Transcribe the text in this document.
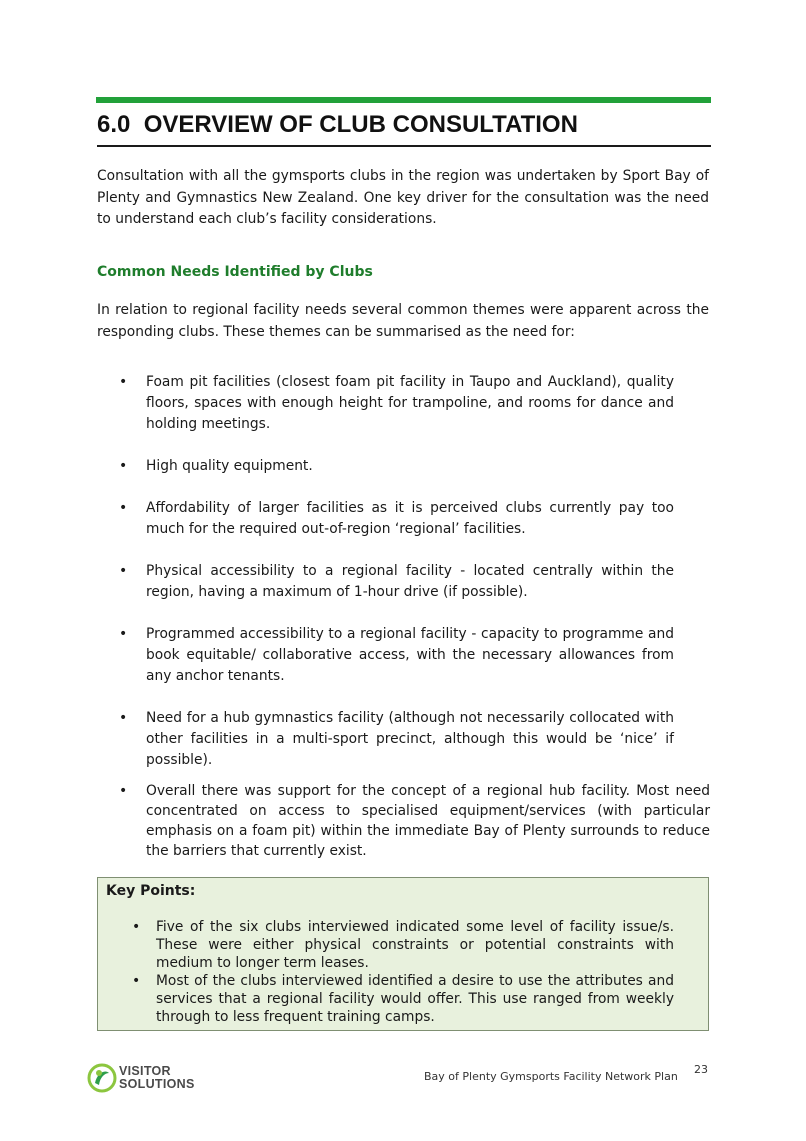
6.0 OVERVIEW OF CLUB CONSULTATION

Consultation with all the gymsports clubs in the region was undertaken by Sport Bay of Plenty and Gymnastics New Zealand. One key driver for the consultation was the need to understand each club’s facility considerations.

Common Needs Identified by Clubs

In relation to regional facility needs several common themes were apparent across the responding clubs. These themes can be summarised as the need for:

• Foam pit facilities (closest foam pit facility in Taupo and Auckland), quality floors, spaces with enough height for trampoline, and rooms for dance and holding meetings.
• High quality equipment.
• Affordability of larger facilities as it is perceived clubs currently pay too much for the required out-of-region ‘regional’ facilities.
• Physical accessibility to a regional facility - located centrally within the region, having a maximum of 1-hour drive (if possible).
• Programmed accessibility to a regional facility - capacity to programme and book equitable/ collaborative access, with the necessary allowances from any anchor tenants.
• Need for a hub gymnastics facility (although not necessarily collocated with other facilities in a multi-sport precinct, although this would be ‘nice’ if possible).
• Overall there was support for the concept of a regional hub facility. Most need concentrated on access to specialised equipment/services (with particular emphasis on a foam pit) within the immediate Bay of Plenty surrounds to reduce the barriers that currently exist.

Key Points:

• Five of the six clubs interviewed indicated some level of facility issue/s. These were either physical constraints or potential constraints with medium to longer term leases.
• Most of the clubs interviewed identified a desire to use the attributes and services that a regional facility would offer. This use ranged from weekly through to less frequent training camps.
VISITOR
SOLUTIONS

Bay of Plenty Gymsports Facility Network Plan

23
